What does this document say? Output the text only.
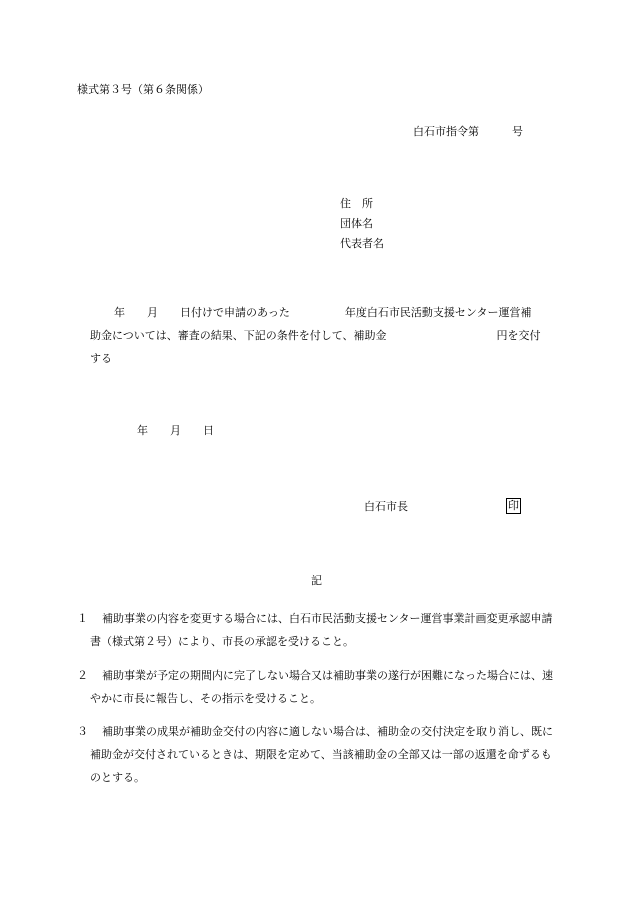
様式第３号（第６条関係）
白石市指令第　　　号
住　所
団体名
代表者名
年　　月　　日付けで申請のあった　　　　　年度白石市民活動支援センター運営補
助金については、審査の結果、下記の条件を付して、補助金　　　　　　　　　　円を交付
する
年　　月　　日
白石市長	印
記
１	補助事業の内容を変更する場合には、白石市民活動支援センター運営事業計画変更承認申請書（様式第２号）により、市長の承認を受けること。
２	補助事業が予定の期間内に完了しない場合又は補助事業の遂行が困難になった場合には、速やかに市長に報告し、その指示を受けること。
３	補助事業の成果が補助金交付の内容に適しない場合は、補助金の交付決定を取り消し、既に補助金が交付されているときは、期限を定めて、当該補助金の全部又は一部の返還を命ずるものとする。
